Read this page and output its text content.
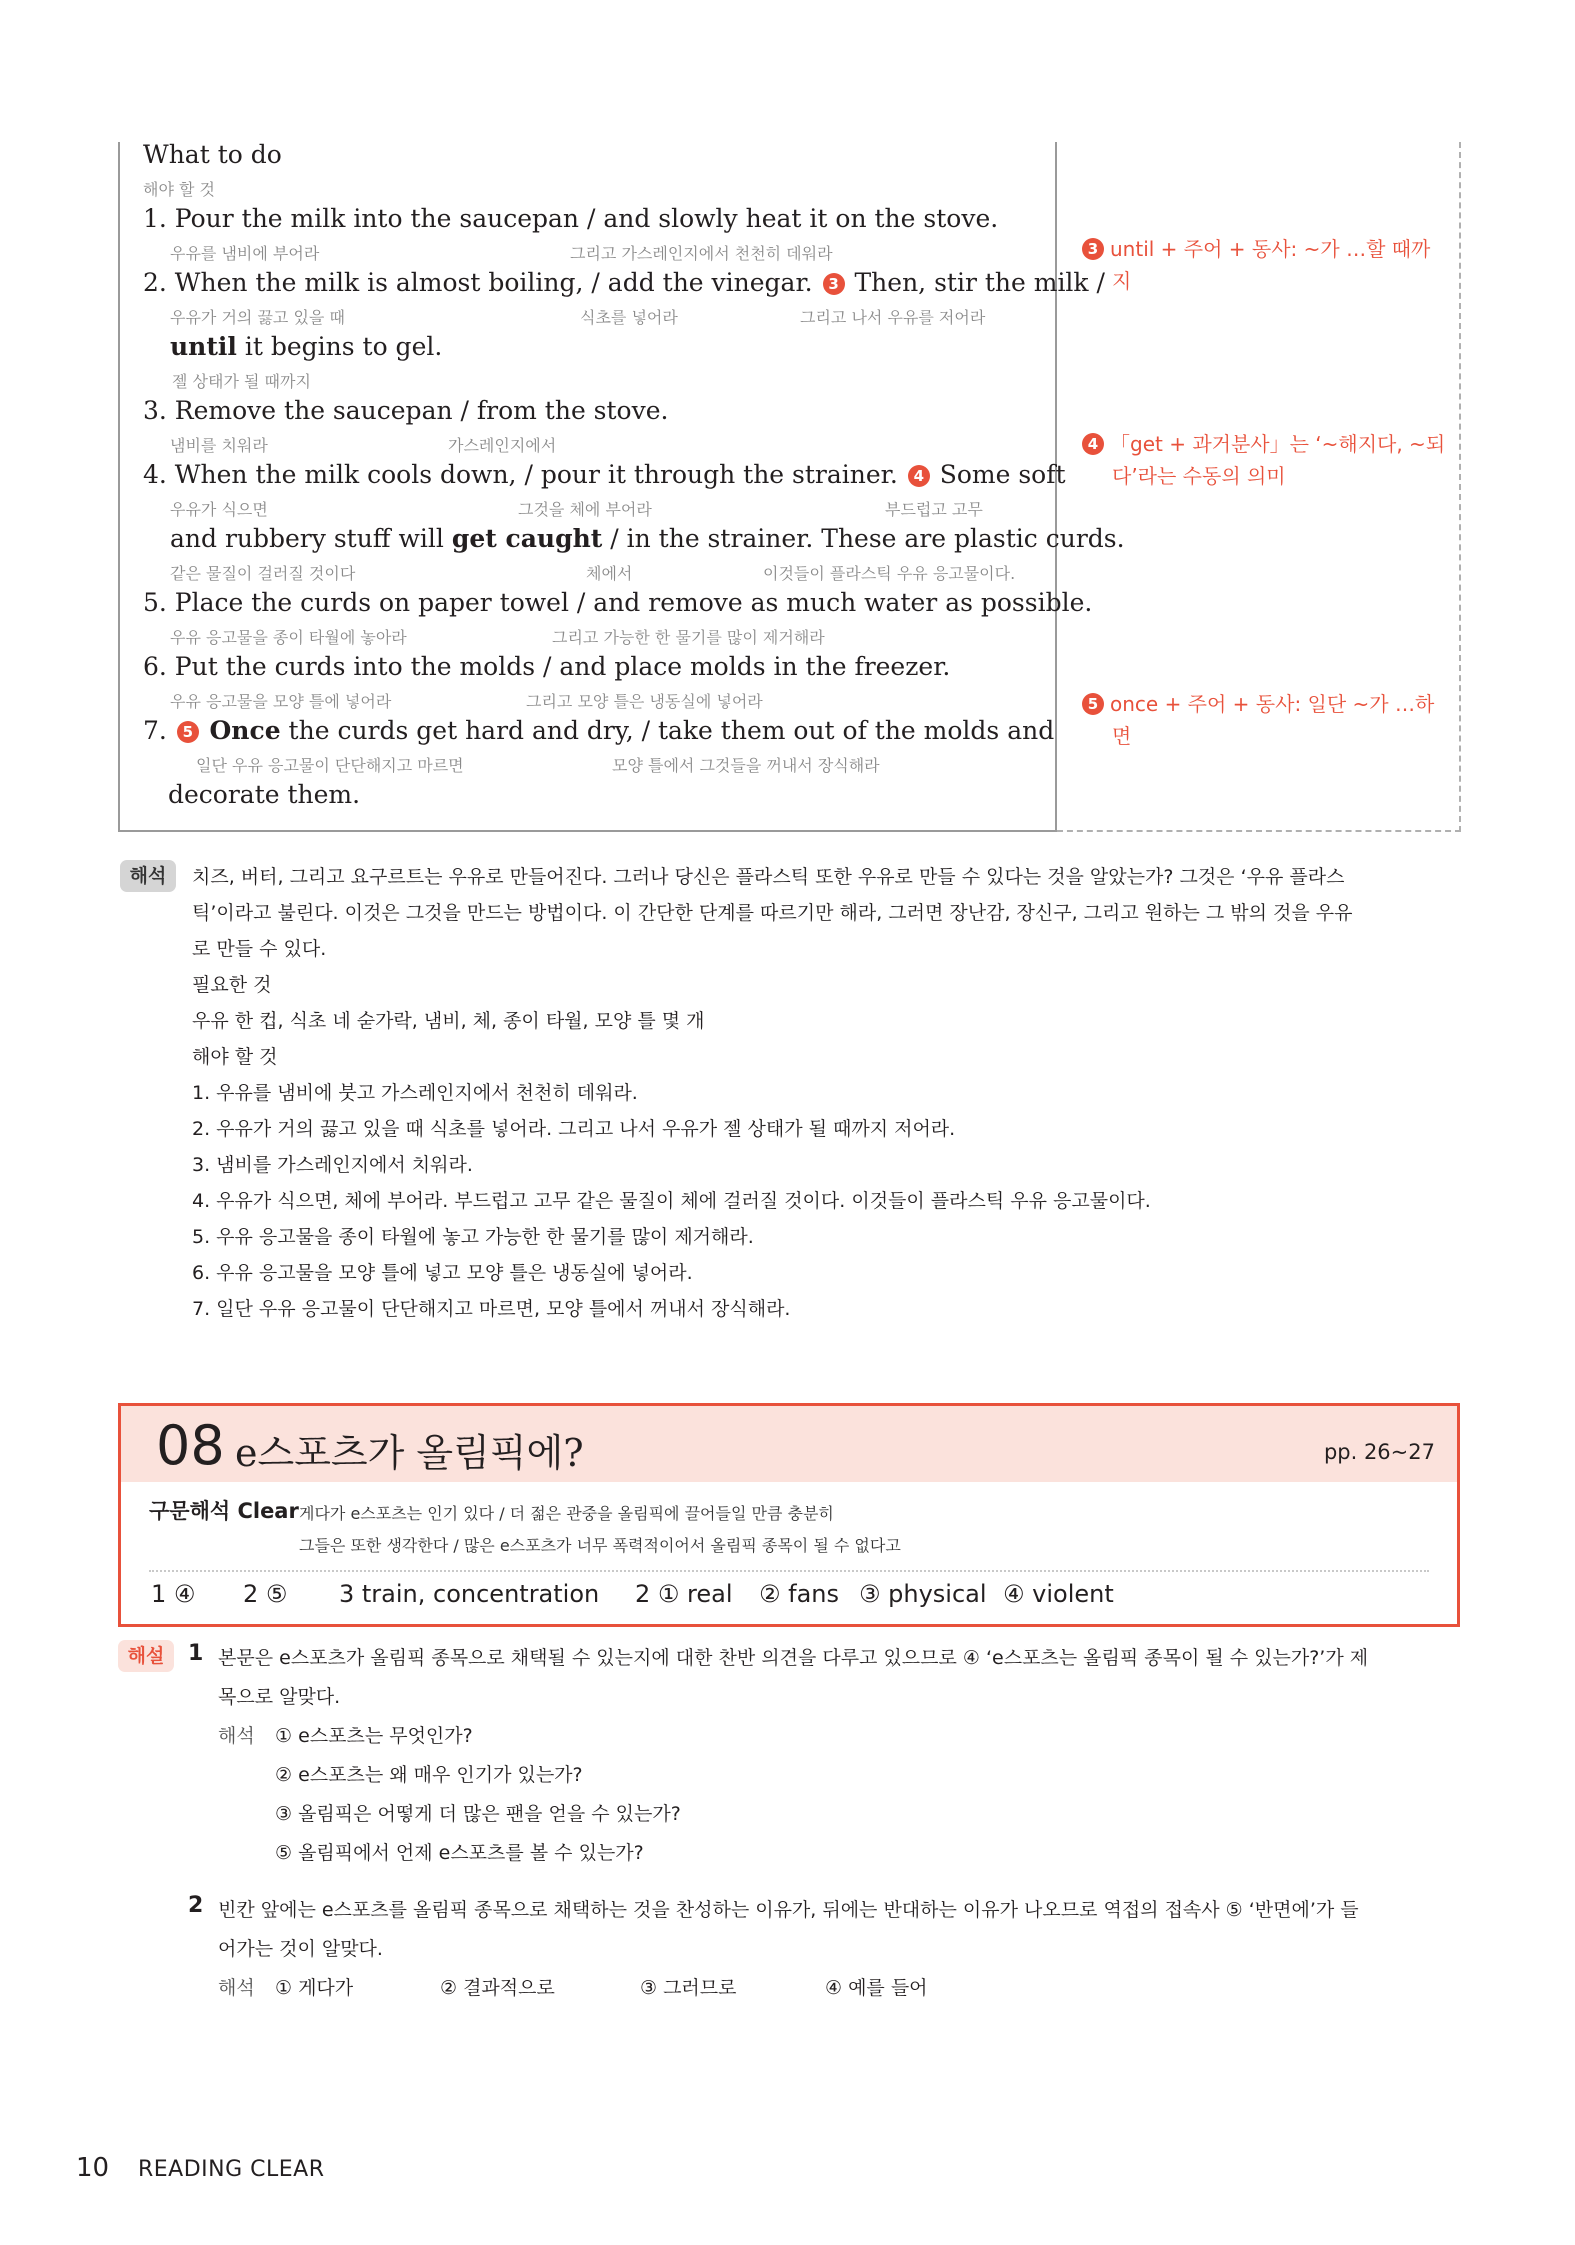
What to do
해야 할 것
1. Pour the milk into the saucepan / and slowly heat it on the stove.
우유를 냄비에 부어라	그리고 가스레인지에서 천천히 데워라
2. When the milk is almost boiling, / add the vinegar. 3 Then, stir the milk /
우유가 거의 끓고 있을 때	식초를 넣어라	그리고 나서 우유를 저어라
until it begins to gel.
젤 상태가 될 때까지
3. Remove the saucepan / from the stove.
냄비를 치워라	가스레인지에서
4. When the milk cools down, / pour it through the strainer. 4 Some soft
우유가 식으면	그것을 체에 부어라	부드럽고 고무
and rubbery stuff will get caught / in the strainer. These are plastic curds.
같은 물질이 걸러질 것이다	체에서	이것들이 플라스틱 우유 응고물이다.
5. Place the curds on paper towel / and remove as much water as possible.
우유 응고물을 종이 타월에 놓아라	그리고 가능한 한 물기를 많이 제거해라
6. Put the curds into the molds / and place molds in the freezer.
우유 응고물을 모양 틀에 넣어라	그리고 모양 틀은 냉동실에 넣어라
7. 5 Once the curds get hard and dry, / take them out of the molds and
일단 우유 응고물이 단단해지고 마르면	모양 틀에서 그것들을 꺼내서 장식해라
decorate them.
3 until + 주어 + 동사: ~가 …할 때까
지
4 「get + 과거분사」는 ‘~해지다, ~되
다’라는 수동의 의미
5 once + 주어 + 동사: 일단 ~가 …하
면
해석	치즈, 버터, 그리고 요구르트는 우유로 만들어진다. 그러나 당신은 플라스틱 또한 우유로 만들 수 있다는 것을 알았는가? 그것은 ‘우유 플라스
틱’이라고 불린다. 이것은 그것을 만드는 방법이다. 이 간단한 단계를 따르기만 해라, 그러면 장난감, 장신구, 그리고 원하는 그 밖의 것을 우유
로 만들 수 있다.
필요한 것
우유 한 컵, 식초 네 숟가락, 냄비, 체, 종이 타월, 모양 틀 몇 개
해야 할 것
1. 우유를 냄비에 붓고 가스레인지에서 천천히 데워라.
2. 우유가 거의 끓고 있을 때 식초를 넣어라. 그리고 나서 우유가 젤 상태가 될 때까지 저어라.
3. 냄비를 가스레인지에서 치워라.
4. 우유가 식으면, 체에 부어라. 부드럽고 고무 같은 물질이 체에 걸러질 것이다. 이것들이 플라스틱 우유 응고물이다.
5. 우유 응고물을 종이 타월에 놓고 가능한 한 물기를 많이 제거해라.
6. 우유 응고물을 모양 틀에 넣고 모양 틀은 냉동실에 넣어라.
7. 일단 우유 응고물이 단단해지고 마르면, 모양 틀에서 꺼내서 장식해라.
08 e스포츠가 올림픽에?	pp. 26~27
구문해석 Clear 게다가 e스포츠는 인기 있다 / 더 젊은 관중을 올림픽에 끌어들일 만큼 충분히
그들은 또한 생각한다 / 많은 e스포츠가 너무 폭력적이어서 올림픽 종목이 될 수 없다고
1 ④ 2 ⑤ 3 train, concentration 2 ① real ② fans ③ physical ④ violent
해설	1 본문은 e스포츠가 올림픽 종목으로 채택될 수 있는지에 대한 찬반 의견을 다루고 있으므로 ④ ‘e스포츠는 올림픽 종목이 될 수 있는가?’가 제
목으로 알맞다.
해석 ① e스포츠는 무엇인가?
② e스포츠는 왜 매우 인기가 있는가?
③ 올림픽은 어떻게 더 많은 팬을 얻을 수 있는가?
⑤ 올림픽에서 언제 e스포츠를 볼 수 있는가?
2 빈칸 앞에는 e스포츠를 올림픽 종목으로 채택하는 것을 찬성하는 이유가, 뒤에는 반대하는 이유가 나오므로 역접의 접속사 ⑤ ‘반면에’가 들
어가는 것이 알맞다.
해석 ① 게다가	② 결과적으로	③ 그러므로	④ 예를 들어
10 READING CLEAR
